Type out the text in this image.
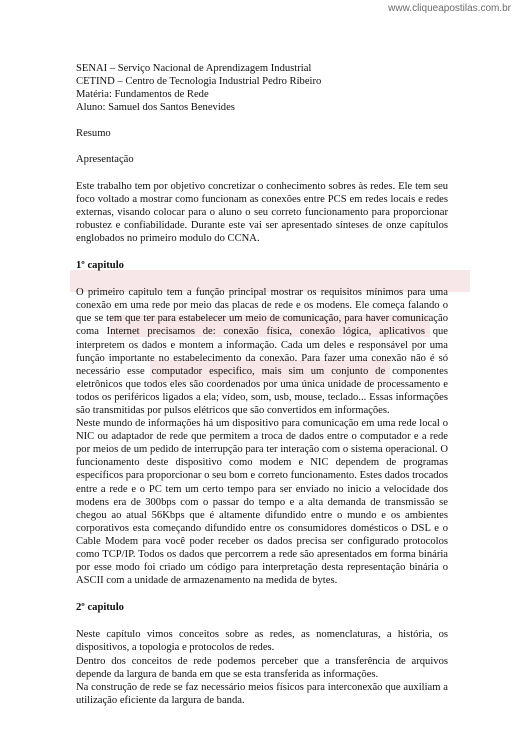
www.cliqueapostilas.com.br

SENAI – Serviço Nacional de Aprendizagem Industrial

CETIND – Centro de Tecnologia Industrial Pedro Ribeiro

Matéria: Fundamentos de Rede

Aluno: Samuel dos Santos Benevides

Resumo

Apresentação

Este trabalho tem por objetivo concretizar o conhecimento sobres às redes. Ele tem seu foco voltado a mostrar como funcionam as conexões entre PCS em redes locais e redes externas, visando colocar para o aluno o seu correto funcionamento para proporcionar robustez e confiabilidade. Durante este vai ser apresentado sínteses de onze capítulos englobados no primeiro modulo do CCNA.

1º capitulo

O primeiro capitulo tem a função principal mostrar os requisitos mínimos para uma conexão em uma rede por meio das placas de rede e os modens. Ele começa falando o que se tem que ter para estabelecer um meio de comunicação, para haver comunicação coma Internet precisamos de: conexão física, conexão lógica, aplicativos que interpretem os dados e montem a informação. Cada um deles e responsável por uma função importante no estabelecimento da conexão. Para fazer uma conexão não é só necessário esse computador especifico, mais sim um conjunto de componentes eletrônicos que todos eles são coordenados por uma única unidade de processamento e todos os periféricos ligados a ela; vídeo, som, usb, mouse, teclado... Essas informações são transmitidas por pulsos elétricos que são convertidos em informações.

Neste mundo de informações há um dispositivo para comunicação em uma rede local o NIC ou adaptador de rede que permitem a troca de dados entre o computador e a rede por meios de um pedido de interrupção para ter interação com o sistema operacional. O funcionamento deste dispositivo como modem e NIC dependem de programas específicos para proporcionar o seu bom e correto funcionamento. Estes dados trocados entre a rede e o PC tem um certo tempo para ser enviado no inicio a velocidade dos modens era de 300bps com o passar do tempo e a alta demanda de transmissão se chegou ao atual 56Kbps que é altamente difundido entre o mundo e os ambientes corporativos esta começando difundido entre os consumidores domésticos o DSL e o Cable Modem para você poder receber os dados precisa ser configurado protocolos como TCP/IP. Todos os dados que percorrem a rede são apresentados em forma binária por esse modo foi criado um código para interpretação desta representação binária o ASCII com a unidade de armazenamento na medida de bytes.

2º capitulo

Neste capítulo vimos conceitos sobre as redes, as nomenclaturas, a história, os dispositivos, a topologia e protocolos de redes.

Dentro dos conceitos de rede podemos perceber que a transferência de arquivos depende da largura de banda em que se esta transferida as informações.

Na construção de rede se faz necessário meios físicos para interconexão que auxiliam a utilização eficiente da largura de banda.
